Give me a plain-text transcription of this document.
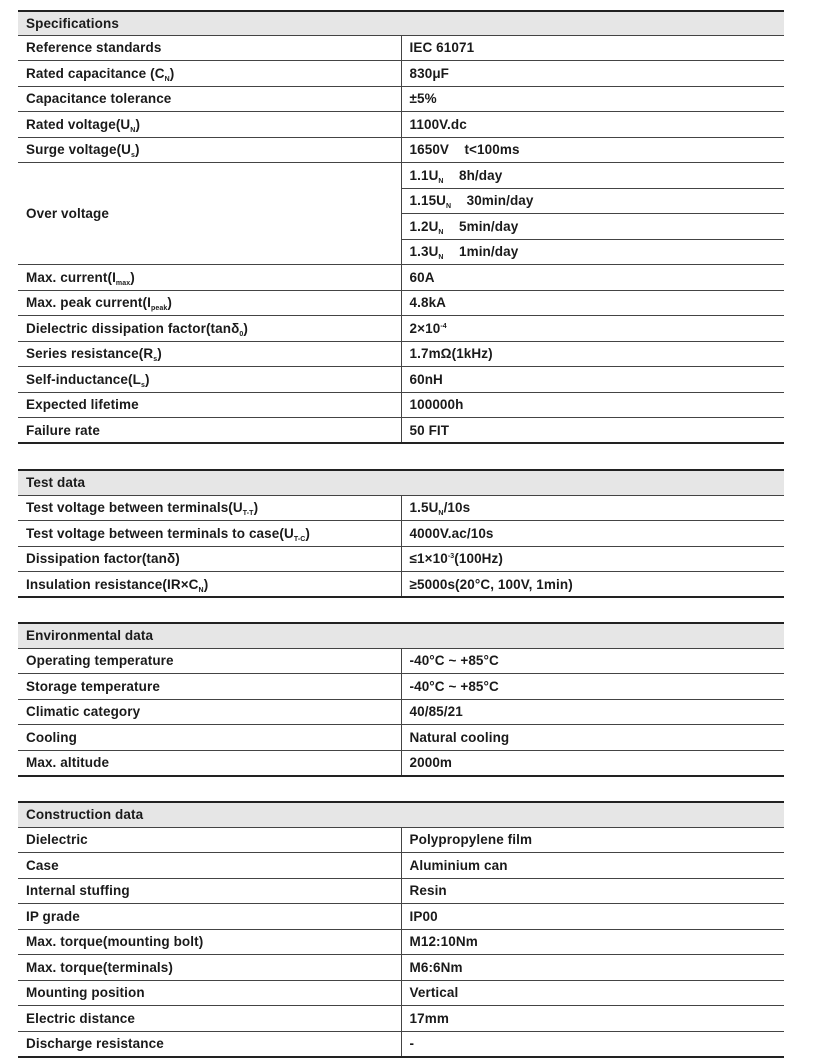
Specifications	
Reference standards	IEC 61071
Rated capacitance $(C_N)$	830μF
Capacitance tolerance	±5%
Rated $voltage(U_N)$	1100V.dc
Surge $voltage(U_s)$	1650V    t<100ms
Over voltage	$1.1U_N$    8h/day
	$1.15U_N$    30min/day
	$1.2U_N$    5min/day
	$1.3U_N$    1min/day
Max. $current(I_{max})$	60A
Max. peak $current(I_{peak})$	4.8kA
Dielectric dissipation factor(tanδ$_0$)	$2\times 10^{-4}$
Series $resistance(R_s)$	1.7mΩ(1kHz)
Self-$inductance(L_s)$	60nH
Expected lifetime	100000h
Failure rate	50 FIT
Test data	
Test voltage between $terminals(U_{T-T})$	$1.5U_N/10s$
Test voltage between terminals to $case(U_{T-C})$	4000V.ac/10s
Dissipation factor(tanδ)	$\le 1\times 10^{-3}(100Hz)$
Insulation $resistance(IR\times C_N)$	≥5000s(20°C, 100V, 1min)
Environmental data	
Operating temperature	-40°C ~ +85°C
Storage temperature	-40°C ~ +85°C
Climatic category	40/85/21
Cooling	Natural cooling
Max. altitude	2000m
Construction data	
Dielectric	Polypropylene film
Case	Aluminium can
Internal stuffing	Resin
IP grade	IP00
Max. torque(mounting bolt)	M12:10Nm
Max. torque(terminals)	M6:6Nm
Mounting position	Vertical
Electric distance	17mm
Discharge resistance	-
